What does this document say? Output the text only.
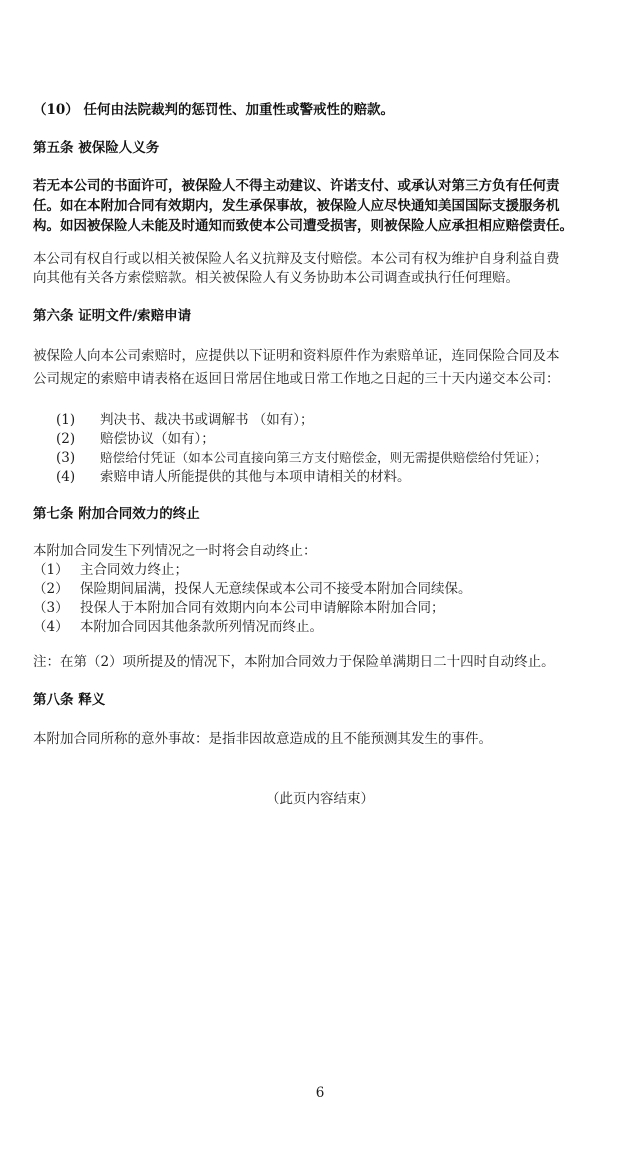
（10） 任何由法院裁判的惩罚性、加重性或警戒性的赔款。
第五条 被保险人义务
若无本公司的书面许可，被保险人不得主动建议、许诺支付、或承认对第三方负有任何责
任。如在本附加合同有效期内，发生承保事故，被保险人应尽快通知美国国际支援服务机
构。如因被保险人未能及时通知而致使本公司遭受损害，则被保险人应承担相应赔偿责任。
本公司有权自行或以相关被保险人名义抗辩及支付赔偿。本公司有权为维护自身利益自费
向其他有关各方索偿赔款。相关被保险人有义务协助本公司调查或执行任何理赔。
第六条 证明文件/索赔申请
被保险人向本公司索赔时，应提供以下证明和资料原件作为索赔单证，连同保险合同及本
公司规定的索赔申请表格在返回日常居住地或日常工作地之日起的三十天内递交本公司：
(1) 判决书、裁决书或调解书 （如有）；
(2) 赔偿协议（如有）；
(3) 赔偿给付凭证（如本公司直接向第三方支付赔偿金，则无需提供赔偿给付凭证）；
(4) 索赔申请人所能提供的其他与本项申请相关的材料。
第七条 附加合同效力的终止
本附加合同发生下列情况之一时将会自动终止：
（1） 主合同效力终止；
（2） 保险期间届满，投保人无意续保或本公司不接受本附加合同续保。
（3） 投保人于本附加合同有效期内向本公司申请解除本附加合同；
（4） 本附加合同因其他条款所列情况而终止。
注：在第（2）项所提及的情况下，本附加合同效力于保险单满期日二十四时自动终止。
第八条 释义
本附加合同所称的意外事故：是指非因故意造成的且不能预测其发生的事件。
（此页内容结束）
6
